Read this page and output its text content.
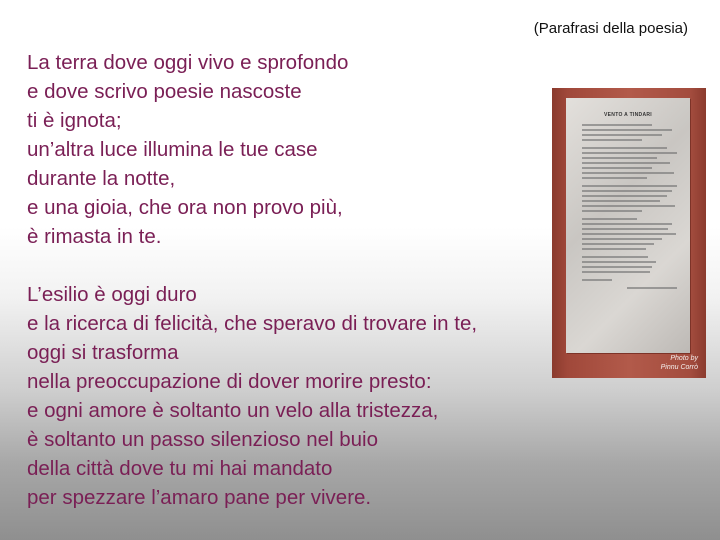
(Parafrasi della poesia)
La terra dove oggi vivo e sprofondo
e dove scrivo poesie nascoste
ti è ignota;
un’altra luce illumina le tue case
durante la notte,
e una gioia, che ora non provo più,
è rimasta in te.
L’esilio è oggi duro
e la ricerca di felicità, che speravo di trovare in te,
oggi si trasforma
nella preoccupazione di dover morire presto:
e ogni amore è soltanto un velo alla tristezza,
è soltanto un passo silenzioso nel buio
della città dove tu mi hai mandato
per spezzare l’amaro pane per vivere.
VENTO A TINDARI
Photo by
Pinnu Corrò
